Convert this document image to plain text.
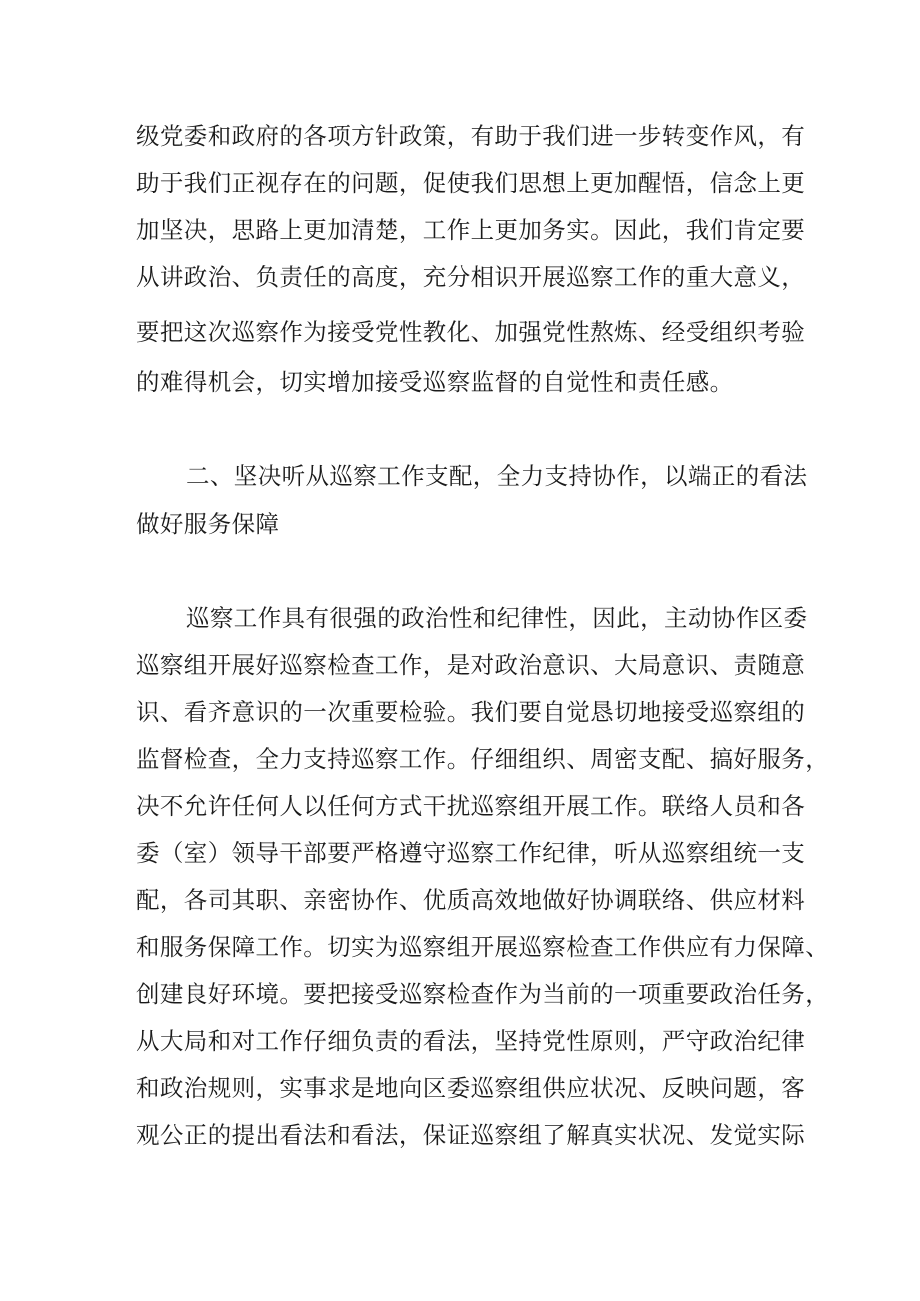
级党委和政府的各项方针政策，有助于我们进一步转变作风，有
助于我们正视存在的问题，促使我们思想上更加醒悟，信念上更
加坚决，思路上更加清楚，工作上更加务实。因此，我们肯定要
从讲政治、负责任的高度，充分相识开展巡察工作的重大意义，
要把这次巡察作为接受党性教化、加强党性熬炼、经受组织考验
的难得机会，切实增加接受巡察监督的自觉性和责任感。
二、坚决听从巡察工作支配，全力支持协作，以端正的看法
做好服务保障
巡察工作具有很强的政治性和纪律性，因此，主动协作区委
巡察组开展好巡察检查工作，是对政治意识、大局意识、责随意
识、看齐意识的一次重要检验。我们要自觉恳切地接受巡察组的
监督检查，全力支持巡察工作。仔细组织、周密支配、搞好服务，
决不允许任何人以任何方式干扰巡察组开展工作。联络人员和各
委（室）领导干部要严格遵守巡察工作纪律，听从巡察组统一支
配，各司其职、亲密协作、优质高效地做好协调联络、供应材料
和服务保障工作。切实为巡察组开展巡察检查工作供应有力保障、
创建良好环境。要把接受巡察检查作为当前的一项重要政治任务，
从大局和对工作仔细负责的看法，坚持党性原则，严守政治纪律
和政治规则，实事求是地向区委巡察组供应状况、反映问题，客
观公正的提出看法和看法，保证巡察组了解真实状况、发觉实际
